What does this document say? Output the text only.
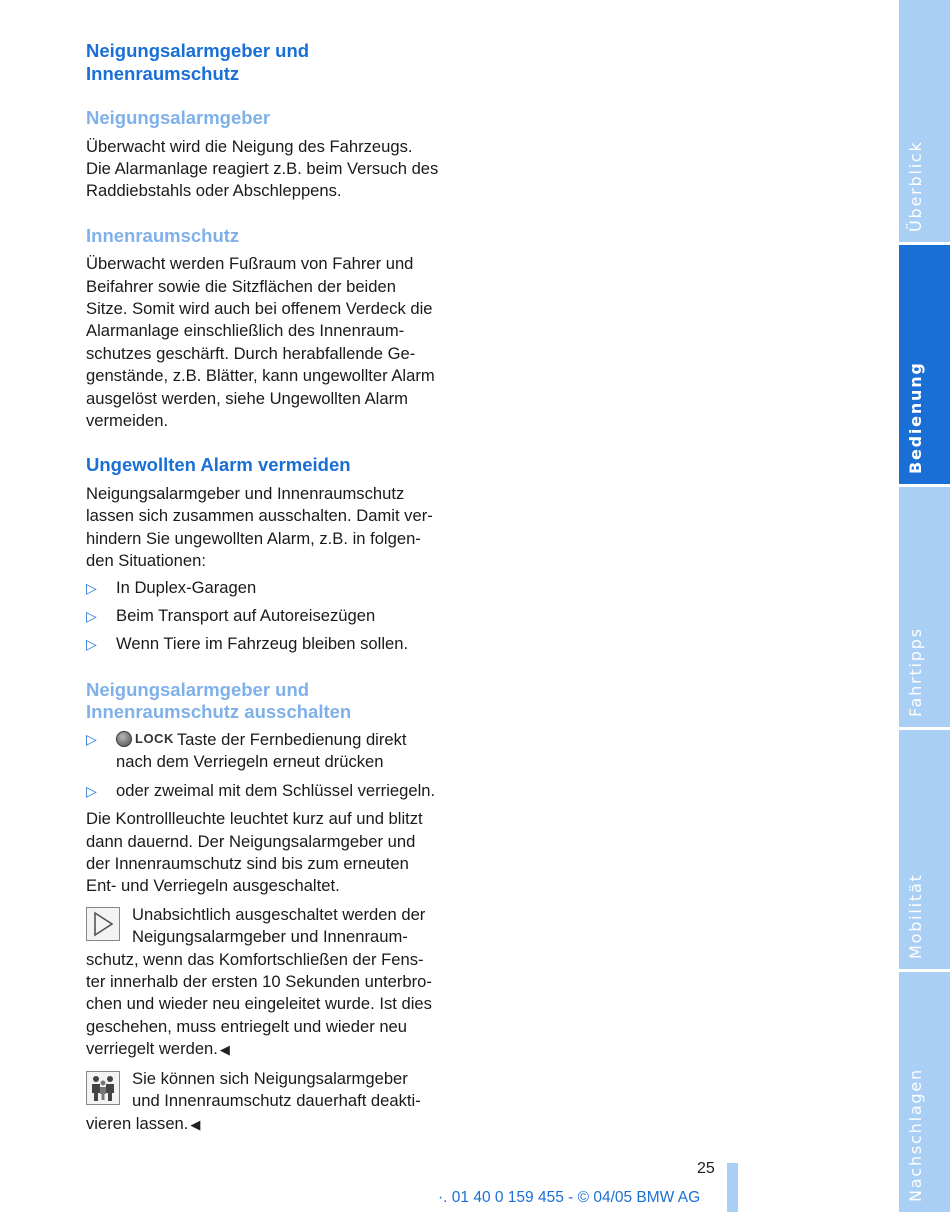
Neigungsalarmgeber und
Innenraumschutz

Neigungsalarmgeber

Überwacht wird die Neigung des Fahrzeugs.
Die Alarmanlage reagiert z.B. beim Versuch des
Raddiebstahls oder Abschleppens.

Innenraumschutz

Überwacht werden Fußraum von Fahrer und
Beifahrer sowie die Sitzflächen der beiden
Sitze. Somit wird auch bei offenem Verdeck die
Alarmanlage einschließlich des Innenraum-
schutzes geschärft. Durch herabfallende Ge-
genstände, z.B. Blätter, kann ungewollter Alarm
ausgelöst werden, siehe Ungewollten Alarm
vermeiden.

Ungewollten Alarm vermeiden

Neigungsalarmgeber und Innenraumschutz
lassen sich zusammen ausschalten. Damit ver-
hindern Sie ungewollten Alarm, z.B. in folgen-
den Situationen:

▷ In Duplex-Garagen
▷ Beim Transport auf Autoreisezügen
▷ Wenn Tiere im Fahrzeug bleiben sollen.

Neigungsalarmgeber und
Innenraumschutz ausschalten

▷	LOCK Taste der Fernbedienung direkt
nach dem Verriegeln erneut drücken
▷ oder zweimal mit dem Schlüssel verriegeln.

Die Kontrollleuchte leuchtet kurz auf und blitzt
dann dauernd. Der Neigungsalarmgeber und
der Innenraumschutz sind bis zum erneuten
Ent- und Verriegeln ausgeschaltet.

Unabsichtlich ausgeschaltet werden der
Neigungsalarmgeber und Innenraum-
schutz, wenn das Komfortschließen der Fens-
ter innerhalb der ersten 10 Sekunden unterbro-
chen und wieder neu eingeleitet wurde. Ist dies
geschehen, muss entriegelt und wieder neu
verriegelt werden. ◀
Sie können sich Neigungsalarmgeber
und Innenraumschutz dauerhaft deakti-
vieren lassen. ◀
25
·. 01 40 0 159 455 - © 04/05 BMW AG
Überblick
Bedienung
Fahrtipps
Mobilität
Nachschlagen
